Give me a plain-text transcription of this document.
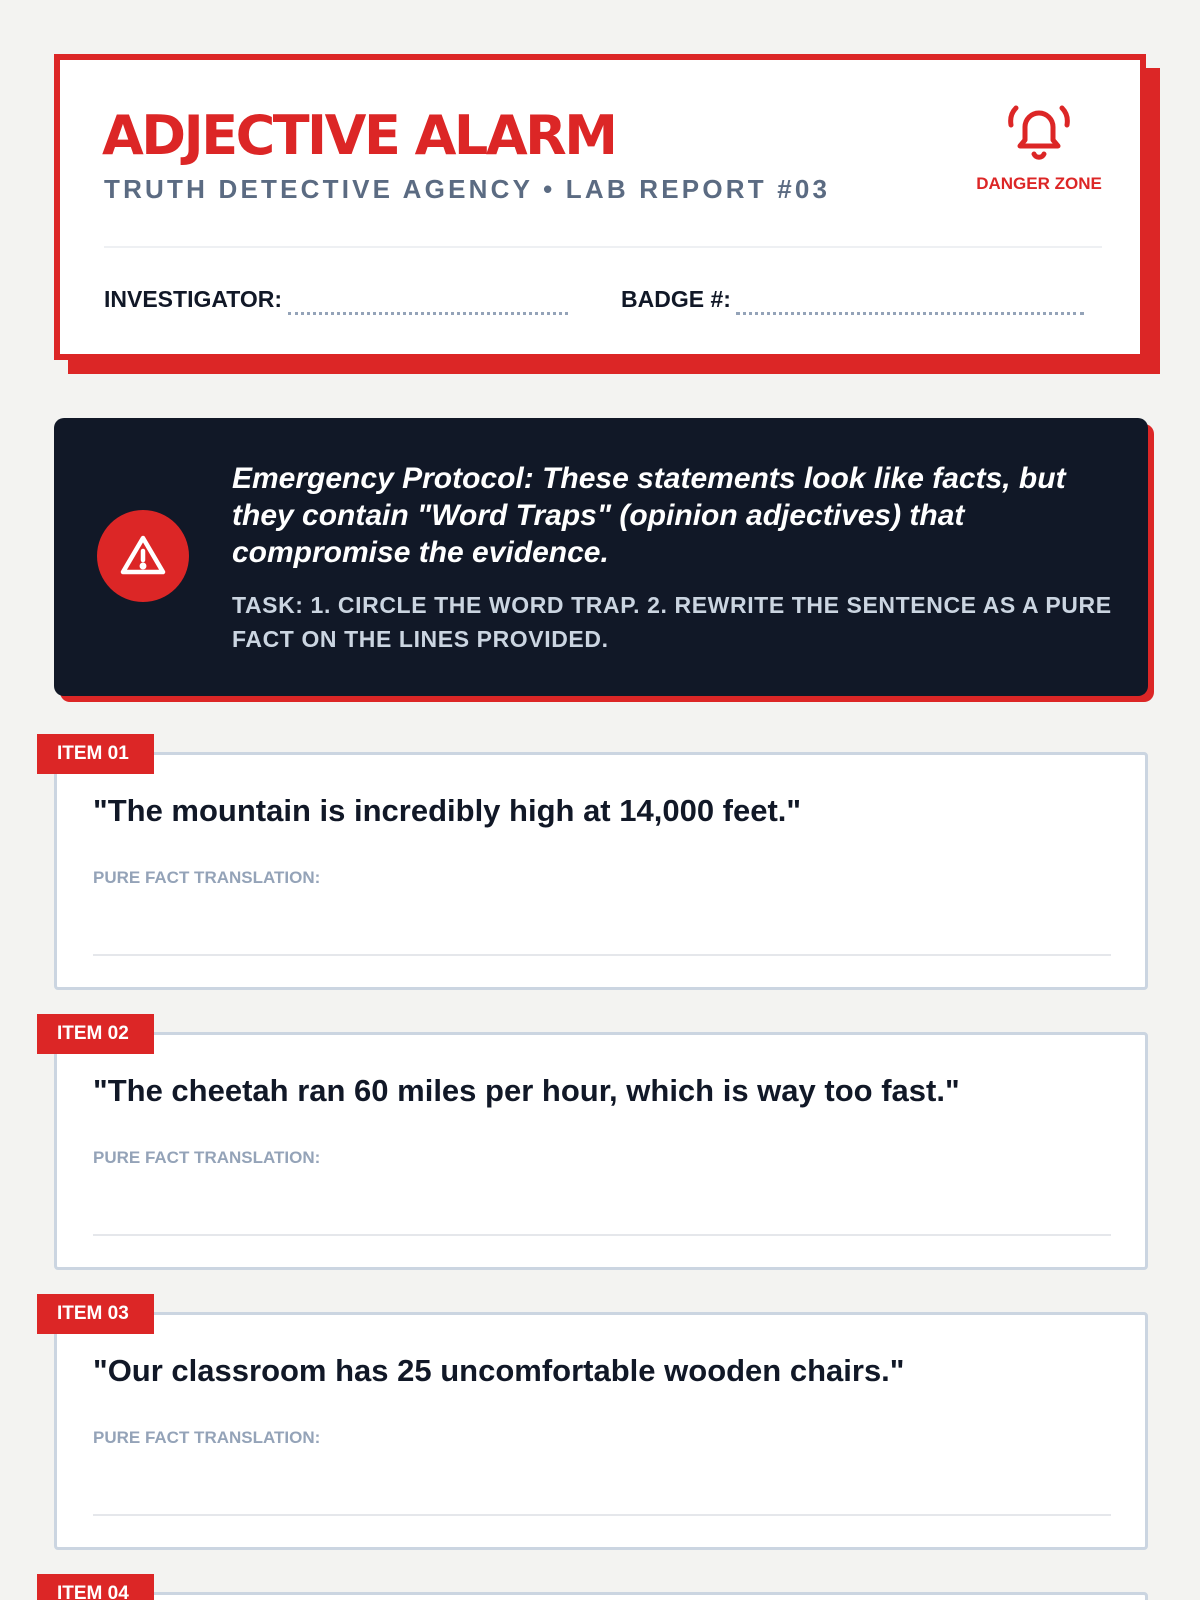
ADJECTIVE ALARM
TRUTH DETECTIVE AGENCY • LAB REPORT #03	DANGER ZONE
INVESTIGATOR:	BADGE #:
Emergency Protocol: These statements look like facts, but they contain "Word Traps" (opinion adjectives) that compromise the evidence.
TASK: 1. CIRCLE THE WORD TRAP. 2. REWRITE THE SENTENCE AS A PURE FACT ON THE LINES PROVIDED.
"The mountain is incredibly high at 14,000 feet."
PURE FACT TRANSLATION:
ITEM 01
"The cheetah ran 60 miles per hour, which is way too fast."
PURE FACT TRANSLATION:
ITEM 02
"Our classroom has 25 uncomfortable wooden chairs."
PURE FACT TRANSLATION:
ITEM 03
ITEM 04
